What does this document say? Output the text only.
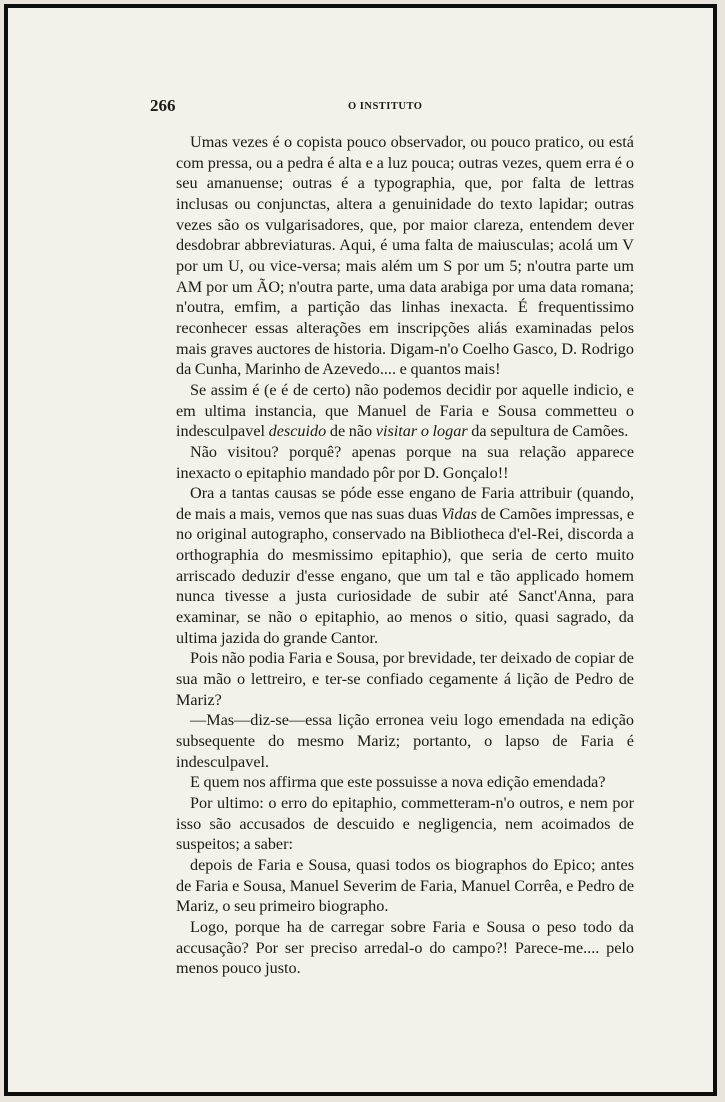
266	O INSTITUTO

Umas vezes é o copista pouco observador, ou pouco pratico, ou está com pressa, ou a pedra é alta e a luz pouca; outras vezes, quem erra é o seu amanuense; outras é a typographia, que, por falta de lettras inclusas ou conjunctas, altera a genuinidade do texto lapidar; outras vezes são os vulgarisadores, que, por maior clareza, entendem dever desdobrar abbreviaturas. Aqui, é uma falta de maiusculas; acolá um V por um U, ou vice-versa; mais além um S por um 5; n'outra parte um AM por um ÃO; n'outra parte, uma data arabiga por uma data romana; n'outra, emfim, a partição das linhas inexacta. É frequentissimo reconhecer essas alterações em inscripções aliás examinadas pelos mais graves auctores de historia. Digam-n'o Coelho Gasco, D. Rodrigo da Cunha, Marinho de Azevedo.... e quantos mais!

Se assim é (e é de certo) não podemos decidir por aquelle indicio, e em ultima instancia, que Manuel de Faria e Sousa commetteu o indesculpavel descuido de não visitar o logar da sepultura de Camões.

Não visitou? porquê? apenas porque na sua relação apparece inexacto o epitaphio mandado pôr por D. Gonçalo!!

Ora a tantas causas se póde esse engano de Faria attribuir (quando, de mais a mais, vemos que nas suas duas Vidas de Camões impressas, e no original autographo, conservado na Bibliotheca d'el-Rei, discorda a orthographia do mesmissimo epitaphio), que seria de certo muito arriscado deduzir d'esse engano, que um tal e tão applicado homem nunca tivesse a justa curiosidade de subir até Sanct'Anna, para examinar, se não o epitaphio, ao menos o sitio, quasi sagrado, da ultima jazida do grande Cantor.

Pois não podia Faria e Sousa, por brevidade, ter deixado de copiar de sua mão o lettreiro, e ter-se confiado cegamente á lição de Pedro de Mariz?

—Mas—diz-se—essa lição erronea veiu logo emendada na edição subsequente do mesmo Mariz; portanto, o lapso de Faria é indesculpavel.

E quem nos affirma que este possuisse a nova edição emendada?

Por ultimo: o erro do epitaphio, commetteram-n'o outros, e nem por isso são accusados de descuido e negligencia, nem acoimados de suspeitos; a saber:

depois de Faria e Sousa, quasi todos os biographos do Epico; antes de Faria e Sousa, Manuel Severim de Faria, Manuel Corrêa, e Pedro de Mariz, o seu primeiro biographo.

Logo, porque ha de carregar sobre Faria e Sousa o peso todo da accusação? Por ser preciso arredal-o do campo?! Parece-me.... pelo menos pouco justo.
